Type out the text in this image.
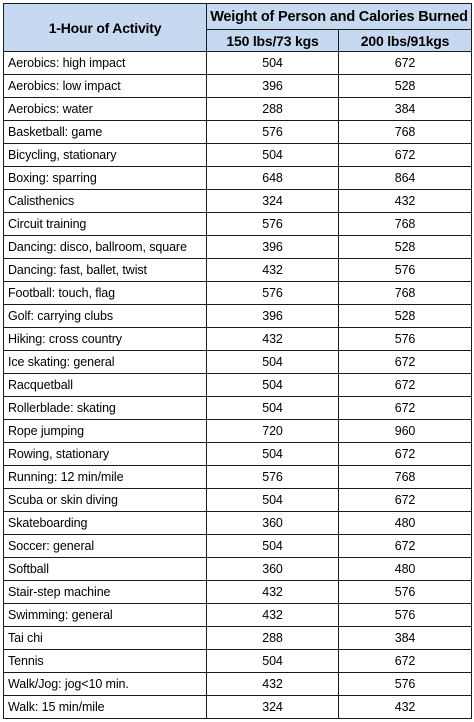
1-Hour of Activity	Weight of Person and Calories Burned	
	150 lbs/73 kgs	200 lbs/91kgs
Aerobics: high impact	504	672
Aerobics: low impact	396	528
Aerobics: water	288	384
Basketball: game	576	768
Bicycling, stationary	504	672
Boxing: sparring	648	864
Calisthenics	324	432
Circuit training	576	768
Dancing: disco, ballroom, square	396	528
Dancing: fast, ballet, twist	432	576
Football: touch, flag	576	768
Golf: carrying clubs	396	528
Hiking: cross country	432	576
Ice skating: general	504	672
Racquetball	504	672
Rollerblade: skating	504	672
Rope jumping	720	960
Rowing, stationary	504	672
Running: 12 min/mile	576	768
Scuba or skin diving	504	672
Skateboarding	360	480
Soccer: general	504	672
Softball	360	480
Stair-step machine	432	576
Swimming: general	432	576
Tai chi	288	384
Tennis	504	672
Walk/Jog: jog<10 min.	432	576
Walk: 15 min/mile	324	432
